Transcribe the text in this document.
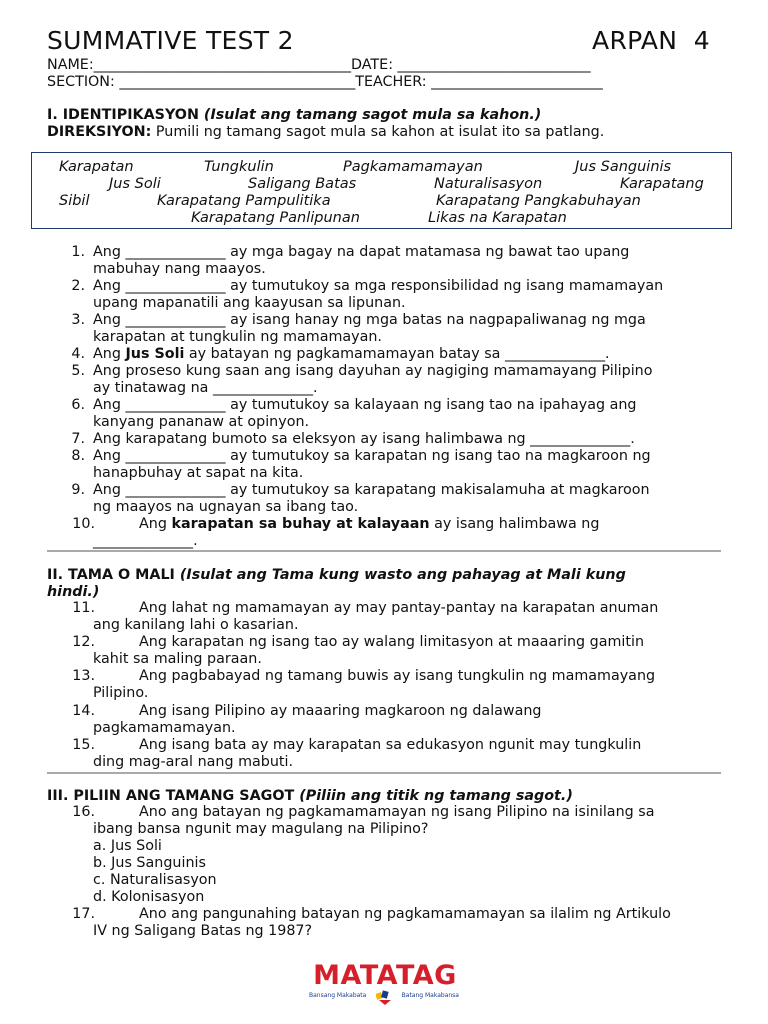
SUMMATIVE TEST 2	ARPAN  4
NAME:____________________________________DATE: ___________________________
SECTION: _________________________________TEACHER: ________________________
I. IDENTIPIKASYON (Isulat ang tamang sagot mula sa kahon.)
DIREKSIYON: Pumili ng tamang sagot mula sa kahon at isulat ito sa patlang.
Karapatan	Tungkulin	Pagkamamamayan	Jus Sanguinis
Jus Soli	Saligang Batas	Naturalisasyon	Karapatang
Sibil	Karapatang Pampulitika	Karapatang Pangkabuhayan
Karapatang Panlipunan	Likas na Karapatan
1. Ang ______________ ay mga bagay na dapat matamasa ng bawat tao upang
mabuhay nang maayos.
2. Ang ______________ ay tumutukoy sa mga responsibilidad ng isang mamamayan
upang mapanatili ang kaayusan sa lipunan.
3. Ang ______________ ay isang hanay ng mga batas na nagpapaliwanag ng mga
karapatan at tungkulin ng mamamayan.
4. Ang Jus Soli ay batayan ng pagkamamamayan batay sa ______________.
5. Ang proseso kung saan ang isang dayuhan ay nagiging mamamayang Pilipino
ay tinatawag na ______________.
6. Ang ______________ ay tumutukoy sa kalayaan ng isang tao na ipahayag ang
kanyang pananaw at opinyon.
7. Ang karapatang bumoto sa eleksyon ay isang halimbawa ng ______________.
8. Ang ______________ ay tumutukoy sa karapatan ng isang tao na magkaroon ng
hanapbuhay at sapat na kita.
9. Ang ______________ ay tumutukoy sa karapatang makisalamuha at magkaroon
ng maayos na ugnayan sa ibang tao.
10.	Ang karapatan sa buhay at kalayaan ay isang halimbawa ng
______________.
II. TAMA O MALI (Isulat ang Tama kung wasto ang pahayag at Mali kung
hindi.)
11.	Ang lahat ng mamamayan ay may pantay-pantay na karapatan anuman
ang kanilang lahi o kasarian.
12.	Ang karapatan ng isang tao ay walang limitasyon at maaaring gamitin
kahit sa maling paraan.
13.	Ang pagbabayad ng tamang buwis ay isang tungkulin ng mamamayang
Pilipino.
14.	Ang isang Pilipino ay maaaring magkaroon ng dalawang
pagkamamamayan.
15.	Ang isang bata ay may karapatan sa edukasyon ngunit may tungkulin
ding mag-aral nang mabuti.
III. PILIIN ANG TAMANG SAGOT (Piliin ang titik ng tamang sagot.)
16.	Ano ang batayan ng pagkamamamayan ng isang Pilipino na isinilang sa
ibang bansa ngunit may magulang na Pilipino?
a. Jus Soli
b. Jus Sanguinis
c. Naturalisasyon
d. Kolonisasyon
17.	Ano ang pangunahing batayan ng pagkamamamayan sa ilalim ng Artikulo
IV ng Saligang Batas ng 1987?
MATATAG
Bansang Makabata	Batang Makabansa
